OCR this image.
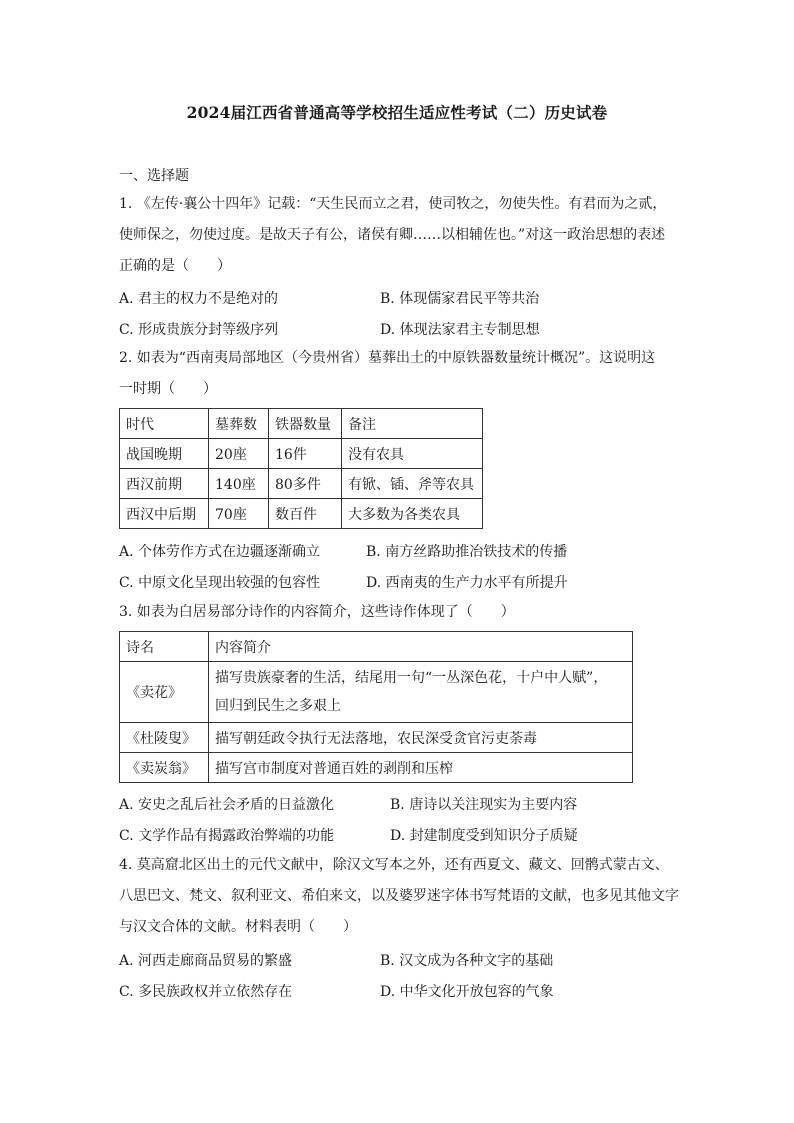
2024届江西省普通高等学校招生适应性考试（二）历史试卷
一、选择题
1. 《左传·襄公十四年》记载：“天生民而立之君，使司牧之，勿使失性。有君而为之贰，
使师保之，勿使过度。是故天子有公，诸侯有卿……以相辅佐也。”对这一政治思想的表述
正确的是（　　）
A. 君主的权力不是绝对的	B. 体现儒家君民平等共治
C. 形成贵族分封等级序列	D. 体现法家君主专制思想
2. 如表为“西南夷局部地区（今贵州省）墓葬出土的中原铁器数量统计概况”。这说明这
一时期（　　）
时代	墓葬数	铁器数量	备注
战国晚期	20座	16件	没有农具
西汉前期	140座	80多件	有锨、锸、斧等农具
西汉中后期	70座	数百件	大多数为各类农具
A. 个体劳作方式在边疆逐渐确立	B. 南方丝路助推冶铁技术的传播
C. 中原文化呈现出较强的包容性	D. 西南夷的生产力水平有所提升
3. 如表为白居易部分诗作的内容简介，这些诗作体现了（　　）
诗名	内容简介
《卖花》	描写贵族豪奢的生活，结尾用一句“一丛深色花，十户中人赋”，
回归到民生之多艰上

《杜陵叟》	描写朝廷政令执行无法落地，农民深受贪官污吏荼毒
《卖炭翁》	描写宫市制度对普通百姓的剥削和压榨
A. 安史之乱后社会矛盾的日益激化	B. 唐诗以关注现实为主要内容
C. 文学作品有揭露政治弊端的功能	D. 封建制度受到知识分子质疑
4. 莫高窟北区出土的元代文献中，除汉文写本之外，还有西夏文、藏文、回鹘式蒙古文、
八思巴文、梵文、叙利亚文、希伯来文，以及婆罗迷字体书写梵语的文献，也多见其他文字
与汉文合体的文献。材料表明（　　）
A. 河西走廊商品贸易的繁盛	B. 汉文成为各种文字的基础
C. 多民族政权并立依然存在	D. 中华文化开放包容的气象
